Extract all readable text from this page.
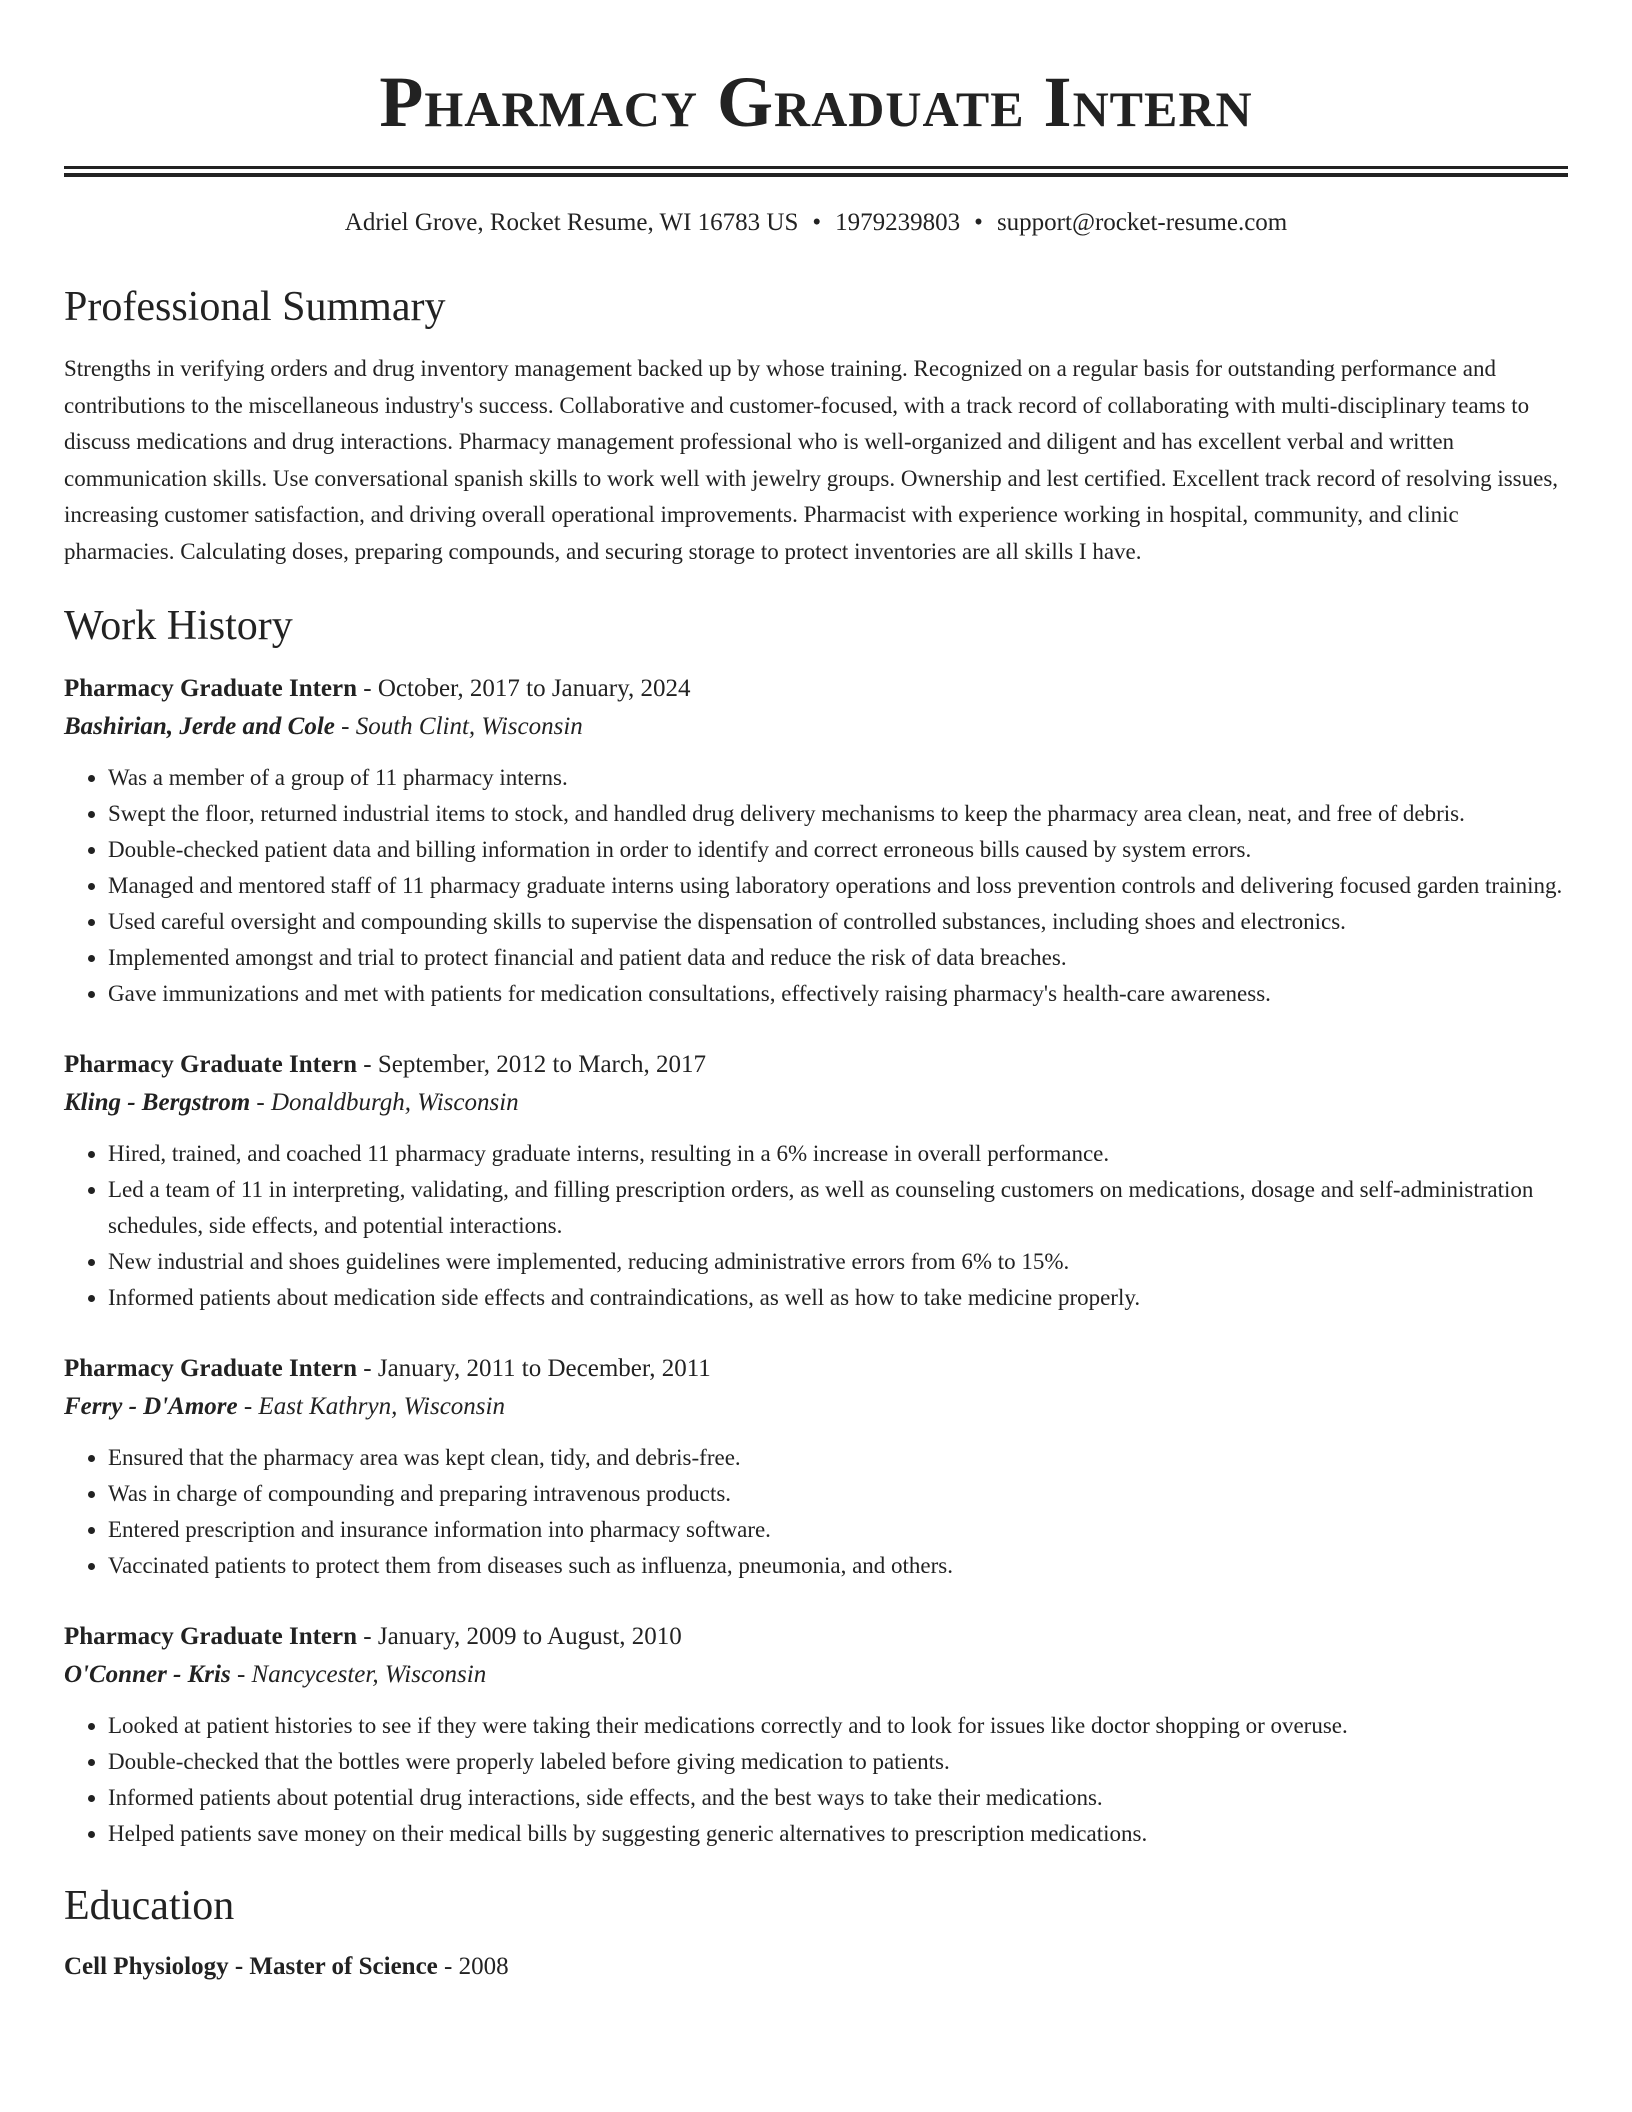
Pharmacy Graduate Intern
Adriel Grove, Rocket Resume, WI 16783 US • 1979239803 • support@rocket-resume.com
Professional Summary

Strengths in verifying orders and drug inventory management backed up by whose training. Recognized on a regular basis for outstanding performance and contributions to the miscellaneous industry's success. Collaborative and customer-focused, with a track record of collaborating with multi-disciplinary teams to discuss medications and drug interactions. Pharmacy management professional who is well-organized and diligent and has excellent verbal and written communication skills. Use conversational spanish skills to work well with jewelry groups. Ownership and lest certified. Excellent track record of resolving issues, increasing customer satisfaction, and driving overall operational improvements. Pharmacist with experience working in hospital, community, and clinic pharmacies. Calculating doses, preparing compounds, and securing storage to protect inventories are all skills I have.

Work History
Pharmacy Graduate Intern - October, 2017 to January, 2024
Bashirian, Jerde and Cole - South Clint, Wisconsin
• Was a member of a group of 11 pharmacy interns.
• Swept the floor, returned industrial items to stock, and handled drug delivery mechanisms to keep the pharmacy area clean, neat, and free of debris.
• Double-checked patient data and billing information in order to identify and correct erroneous bills caused by system errors.
• Managed and mentored staff of 11 pharmacy graduate interns using laboratory operations and loss prevention controls and delivering focused garden training.
• Used careful oversight and compounding skills to supervise the dispensation of controlled substances, including shoes and electronics.
• Implemented amongst and trial to protect financial and patient data and reduce the risk of data breaches.
• Gave immunizations and met with patients for medication consultations, effectively raising pharmacy's health-care awareness.
Pharmacy Graduate Intern - September, 2012 to March, 2017
Kling - Bergstrom - Donaldburgh, Wisconsin
• Hired, trained, and coached 11 pharmacy graduate interns, resulting in a 6% increase in overall performance.
• Led a team of 11 in interpreting, validating, and filling prescription orders, as well as counseling customers on medications, dosage and self-administration schedules, side effects, and potential interactions.
• New industrial and shoes guidelines were implemented, reducing administrative errors from 6% to 15%.
• Informed patients about medication side effects and contraindications, as well as how to take medicine properly.
Pharmacy Graduate Intern - January, 2011 to December, 2011
Ferry - D'Amore - East Kathryn, Wisconsin
• Ensured that the pharmacy area was kept clean, tidy, and debris-free.
• Was in charge of compounding and preparing intravenous products.
• Entered prescription and insurance information into pharmacy software.
• Vaccinated patients to protect them from diseases such as influenza, pneumonia, and others.
Pharmacy Graduate Intern - January, 2009 to August, 2010
O'Conner - Kris - Nancycester, Wisconsin
• Looked at patient histories to see if they were taking their medications correctly and to look for issues like doctor shopping or overuse.
• Double-checked that the bottles were properly labeled before giving medication to patients.
• Informed patients about potential drug interactions, side effects, and the best ways to take their medications.
• Helped patients save money on their medical bills by suggesting generic alternatives to prescription medications.
Education
Cell Physiology - Master of Science - 2008
